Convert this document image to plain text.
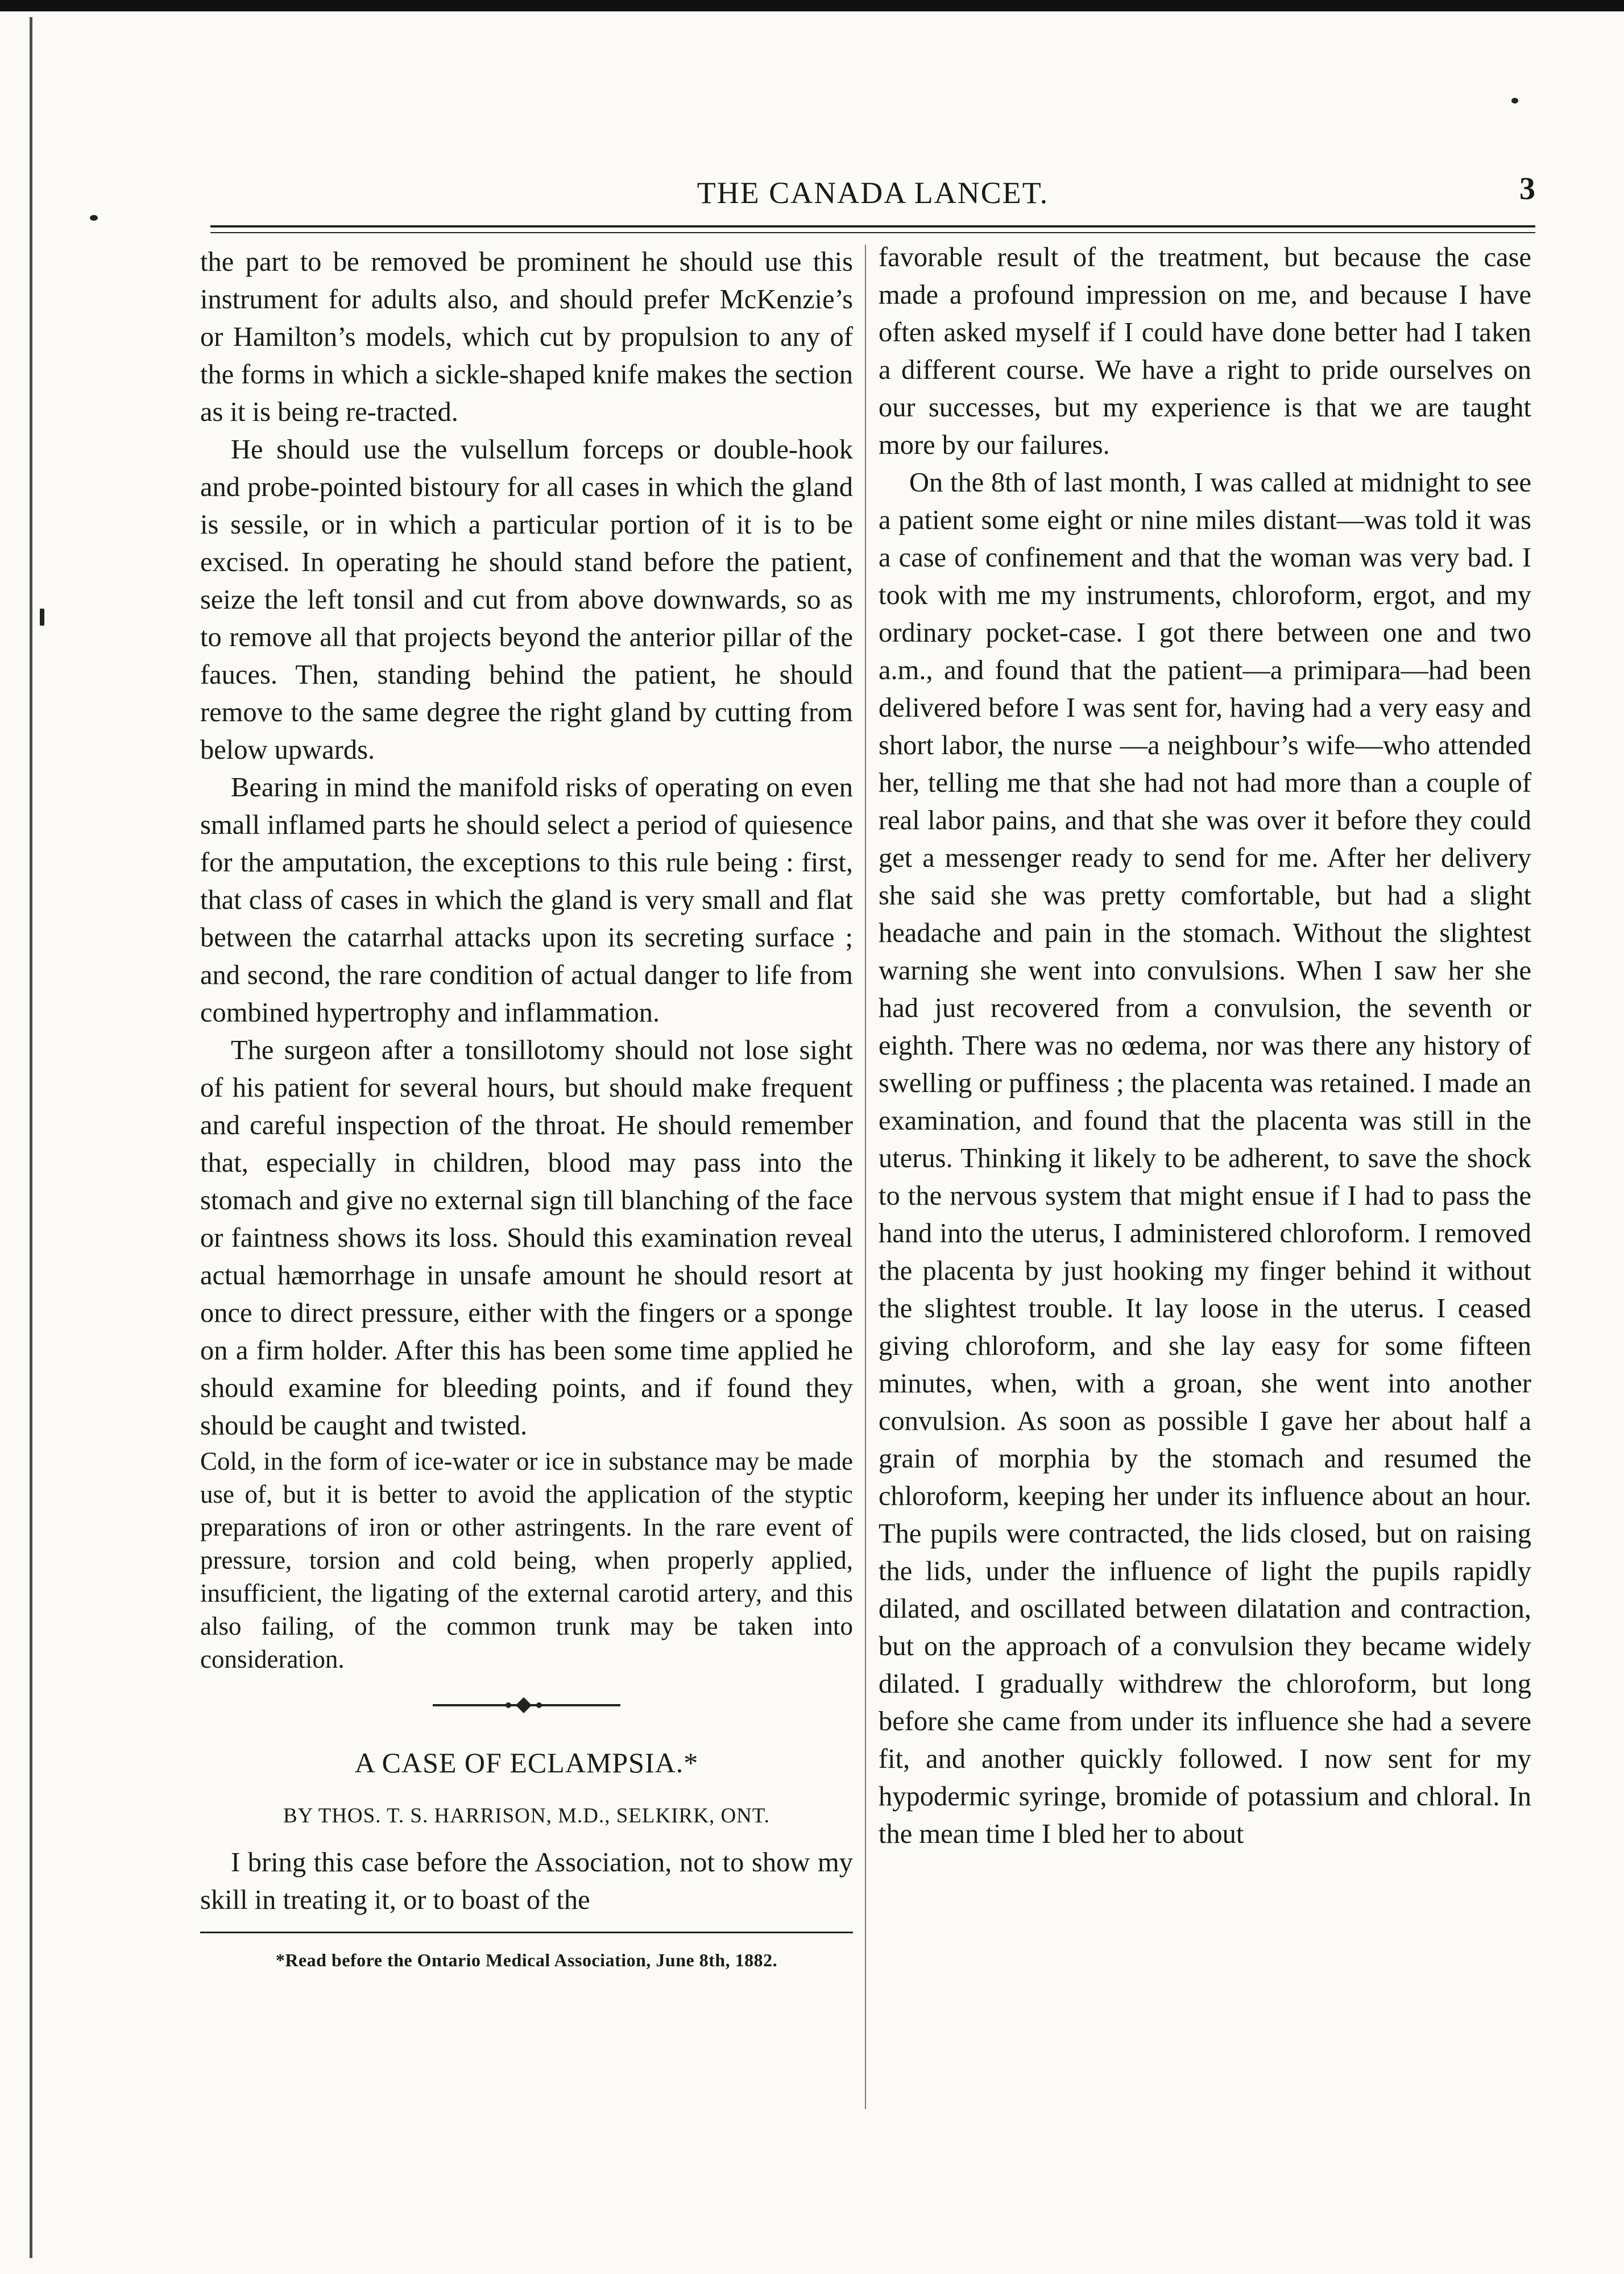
THE CANADA LANCET.	3

the part to be removed be prominent he should use this instrument for adults also, and should prefer McKenzie’s or Hamilton’s models, which cut by propulsion to any of the forms in which a sickle-shaped knife makes the section as it is being re-tracted.

He should use the vulsellum forceps or double-hook and probe-pointed bistoury for all cases in which the gland is sessile, or in which a particular portion of it is to be excised. In operating he should stand before the patient, seize the left tonsil and cut from above downwards, so as to remove all that projects beyond the anterior pillar of the fauces. Then, standing behind the patient, he should remove to the same degree the right gland by cutting from below upwards.

Bearing in mind the manifold risks of operating on even small inflamed parts he should select a period of quiesence for the amputation, the exceptions to this rule being : first, that class of cases in which the gland is very small and flat between the catarrhal attacks upon its secreting surface ; and second, the rare condition of actual danger to life from combined hypertrophy and inflammation.

The surgeon after a tonsillotomy should not lose sight of his patient for several hours, but should make frequent and careful inspection of the throat. He should remember that, especially in children, blood may pass into the stomach and give no external sign till blanching of the face or faintness shows its loss. Should this examination reveal actual hæmorrhage in unsafe amount he should resort at once to direct pressure, either with the fingers or a sponge on a firm holder. After this has been some time applied he should examine for bleeding points, and if found they should be caught and twisted.

Cold, in the form of ice-water or ice in substance may be made use of, but it is better to avoid the application of the styptic preparations of iron or other astringents. In the rare event of pressure, torsion and cold being, when properly applied, insufficient, the ligating of the external carotid artery, and this also failing, of the common trunk may be taken into consideration.

A CASE OF ECLAMPSIA.*
BY THOS. T. S. HARRISON, M.D., SELKIRK, ONT.

I bring this case before the Association, not to show my skill in treating it, or to boast of the

*Read before the Ontario Medical Association, June 8th, 1882.

favorable result of the treatment, but because the case made a profound impression on me, and because I have often asked myself if I could have done better had I taken a different course. We have a right to pride ourselves on our successes, but my experience is that we are taught more by our failures.

On the 8th of last month, I was called at midnight to see a patient some eight or nine miles distant—was told it was a case of confinement and that the woman was very bad. I took with me my instruments, chloroform, ergot, and my ordinary pocket-case. I got there between one and two a.m., and found that the patient—a primipara—had been delivered before I was sent for, having had a very easy and short labor, the nurse —a neighbour’s wife—who attended her, telling me that she had not had more than a couple of real labor pains, and that she was over it before they could get a messenger ready to send for me. After her delivery she said she was pretty comfortable, but had a slight headache and pain in the stomach. Without the slightest warning she went into convulsions. When I saw her she had just recovered from a convulsion, the seventh or eighth. There was no œdema, nor was there any history of swelling or puffiness ; the placenta was retained. I made an examination, and found that the placenta was still in the uterus. Thinking it likely to be adherent, to save the shock to the nervous system that might ensue if I had to pass the hand into the uterus, I administered chloroform. I removed the placenta by just hooking my finger behind it without the slightest trouble. It lay loose in the uterus. I ceased giving chloroform, and she lay easy for some fifteen minutes, when, with a groan, she went into another convulsion. As soon as possible I gave her about half a grain of morphia by the stomach and resumed the chloroform, keeping her under its influence about an hour. The pupils were contracted, the lids closed, but on raising the lids, under the influence of light the pupils rapidly dilated, and oscillated between dilatation and contraction, but on the approach of a convulsion they became widely dilated. I gradually withdrew the chloroform, but long before she came from under its influence she had a severe fit, and another quickly followed. I now sent for my hypodermic syringe, bromide of potassium and chloral. In the mean time I bled her to about
